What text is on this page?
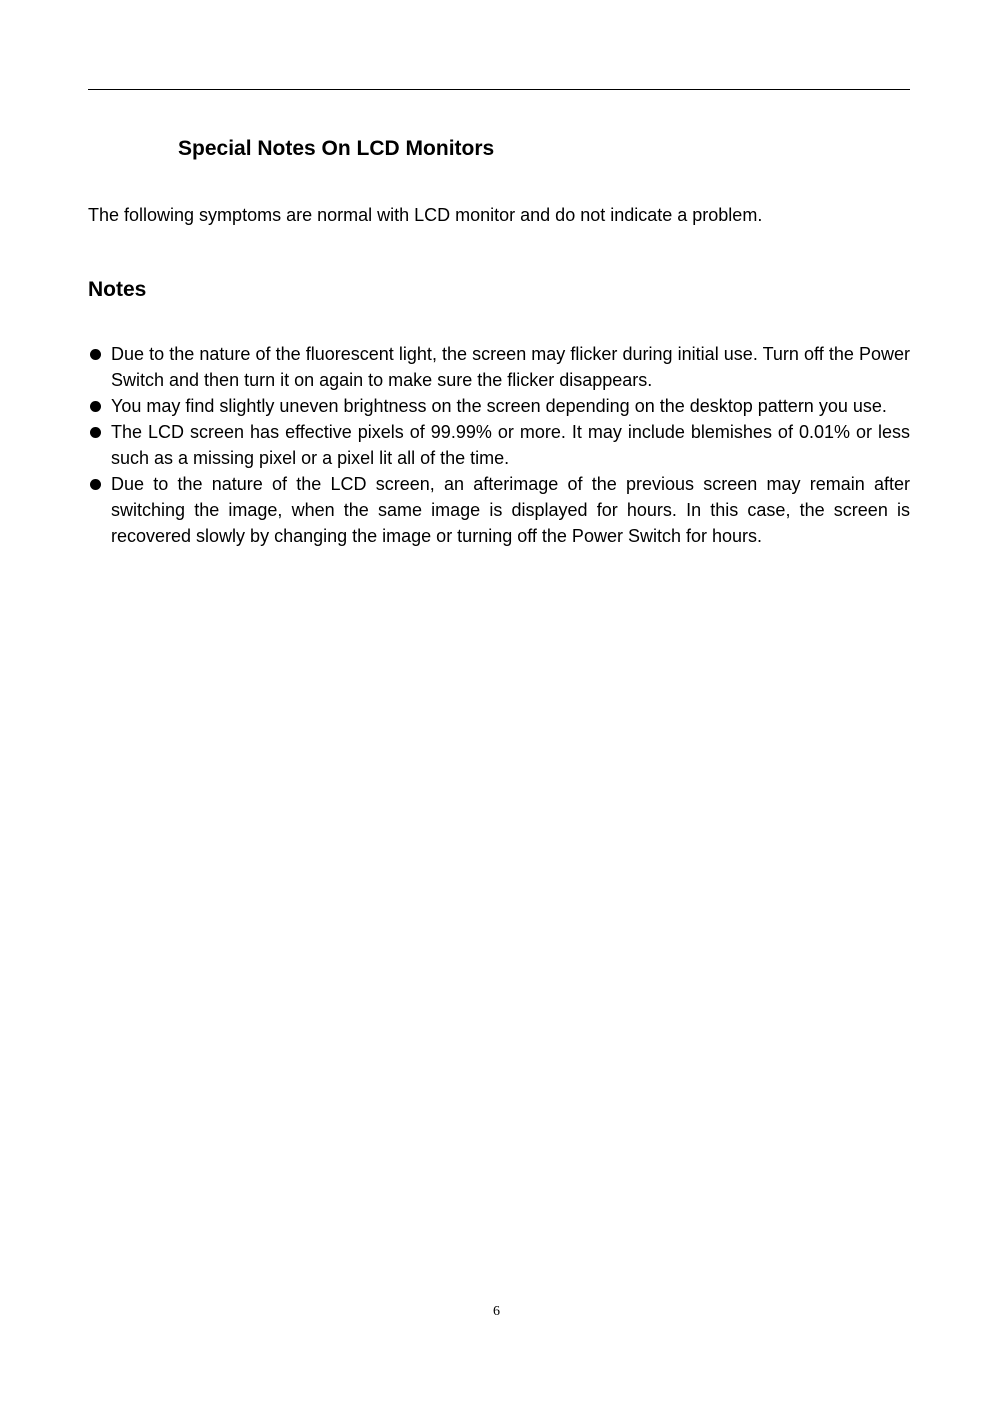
Special Notes On LCD Monitors

The following symptoms are normal with LCD monitor and do not indicate a problem.

Notes
Due to the nature of the fluorescent light, the screen may flicker during initial use. Turn off the Power Switch and then turn it on again to make sure the flicker disappears.
You may find slightly uneven brightness on the screen depending on the desktop pattern you use.
The LCD screen has effective pixels of 99.99% or more. It may include blemishes of 0.01% or less such as a missing pixel or a pixel lit all of the time.
Due to the nature of the LCD screen, an afterimage of the previous screen may remain after switching the image, when the same image is displayed for hours. In this case, the screen is recovered slowly by changing the image or turning off the Power Switch for hours.
6
